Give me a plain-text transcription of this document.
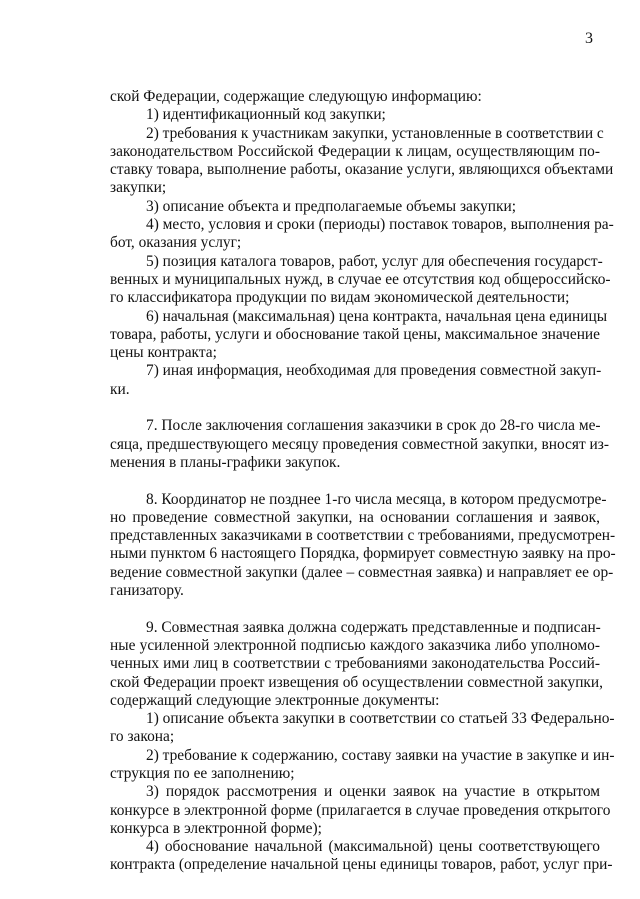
3
ской Федерации, содержащие следующую информацию:
1) идентификационный код закупки;
2) требования к участникам закупки, установленные в соответствии с
законодательством Российской Федерации к лицам, осуществляющим по-
ставку товара, выполнение работы, оказание услуги, являющихся объектами
закупки;
3) описание объекта и предполагаемые объемы закупки;
4) место, условия и сроки (периоды) поставок товаров, выполнения ра-
бот, оказания услуг;
5) позиция каталога товаров, работ, услуг для обеспечения государст-
венных и муниципальных нужд, в случае ее отсутствия код общероссийско-
го классификатора продукции по видам экономической деятельности;
6) начальная (максимальная) цена контракта, начальная цена единицы
товара, работы, услуги и обоснование такой цены, максимальное значение
цены контракта;
7) иная информация, необходимая для проведения совместной закуп-
ки.
7. После заключения соглашения заказчики в срок до 28-го числа ме-
сяца, предшествующего месяцу проведения совместной закупки, вносят из-
менения в планы-графики закупок.
8. Координатор не позднее 1-го числа месяца, в котором предусмотре-
но проведение совместной закупки, на основании соглашения и заявок,
представленных заказчиками в соответствии с требованиями, предусмотрен-
ными пунктом 6 настоящего Порядка, формирует совместную заявку на про-
ведение совместной закупки (далее – совместная заявка) и направляет ее ор-
ганизатору.
9. Совместная заявка должна содержать представленные и подписан-
ные усиленной электронной подписью каждого заказчика либо уполномо-
ченных ими лиц в соответствии с требованиями законодательства Россий-
ской Федерации проект извещения об осуществлении совместной закупки,
содержащий следующие электронные документы:
1) описание объекта закупки в соответствии со статьей 33 Федерально-
го закона;
2) требование к содержанию, составу заявки на участие в закупке и ин-
струкция по ее заполнению;
3) порядок рассмотрения и оценки заявок на участие в открытом
конкурсе в электронной форме (прилагается в случае проведения открытого
конкурса в электронной форме);
4) обоснование начальной (максимальной) цены соответствующего
контракта (определение начальной цены единицы товаров, работ, услуг при-
